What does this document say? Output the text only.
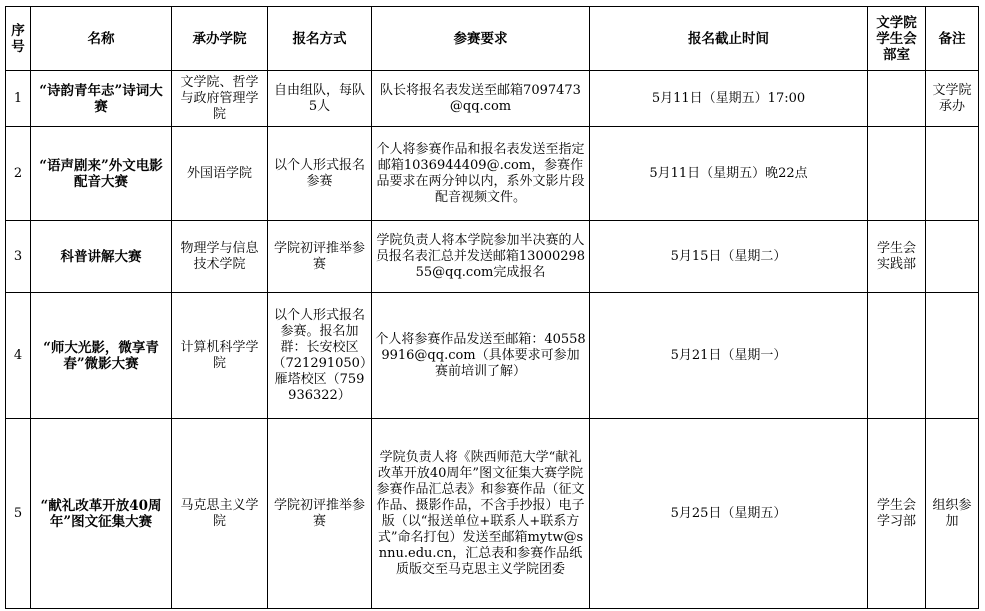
序号	名称	承办学院	报名方式	参赛要求	报名截止时间	文学院学生会部室	备注
1	“诗韵青年志”诗词大赛	文学院、哲学与政府管理学院	自由组队，每队5人	队长将报名表发送至邮箱7097473@qq.com	5月11日（星期五）17:00		文学院承办
2	“语声剧来”外文电影配音大赛	外国语学院	以个人形式报名参赛	个人将参赛作品和报名表发送至指定邮箱1036944409@.com，参赛作品要求在两分钟以内，系外文影片段配音视频文件。	5月11日（星期五）晚22点		
3	科普讲解大赛	物理学与信息技术学院	学院初评推举参赛	学院负责人将本学院参加半决赛的人员报名表汇总并发送邮箱1300029855@qq.com完成报名	5月15日（星期二）	学生会实践部	
4	“师大光影，微享青春”微影大赛	计算机科学学院	以个人形式报名参赛。报名加群：长安校区（721291050）雁塔校区（759936322）	个人将参赛作品发送至邮箱：405589916@qq.com（具体要求可参加赛前培训了解）	5月21日（星期一）		
5	“献礼改革开放40周年”图文征集大赛	马克思主义学院	学院初评推举参赛	学院负责人将《陕西师范大学“献礼改革开放40周年”图文征集大赛学院参赛作品汇总表》和参赛作品（征文作品、摄影作品，不含手抄报）电子版（以“报送单位+联系人+联系方式”命名打包）发送至邮箱mytw@snnu.edu.cn，汇总表和参赛作品纸质版交至马克思主义学院团委	5月25日（星期五）	学生会学习部	组织参加
